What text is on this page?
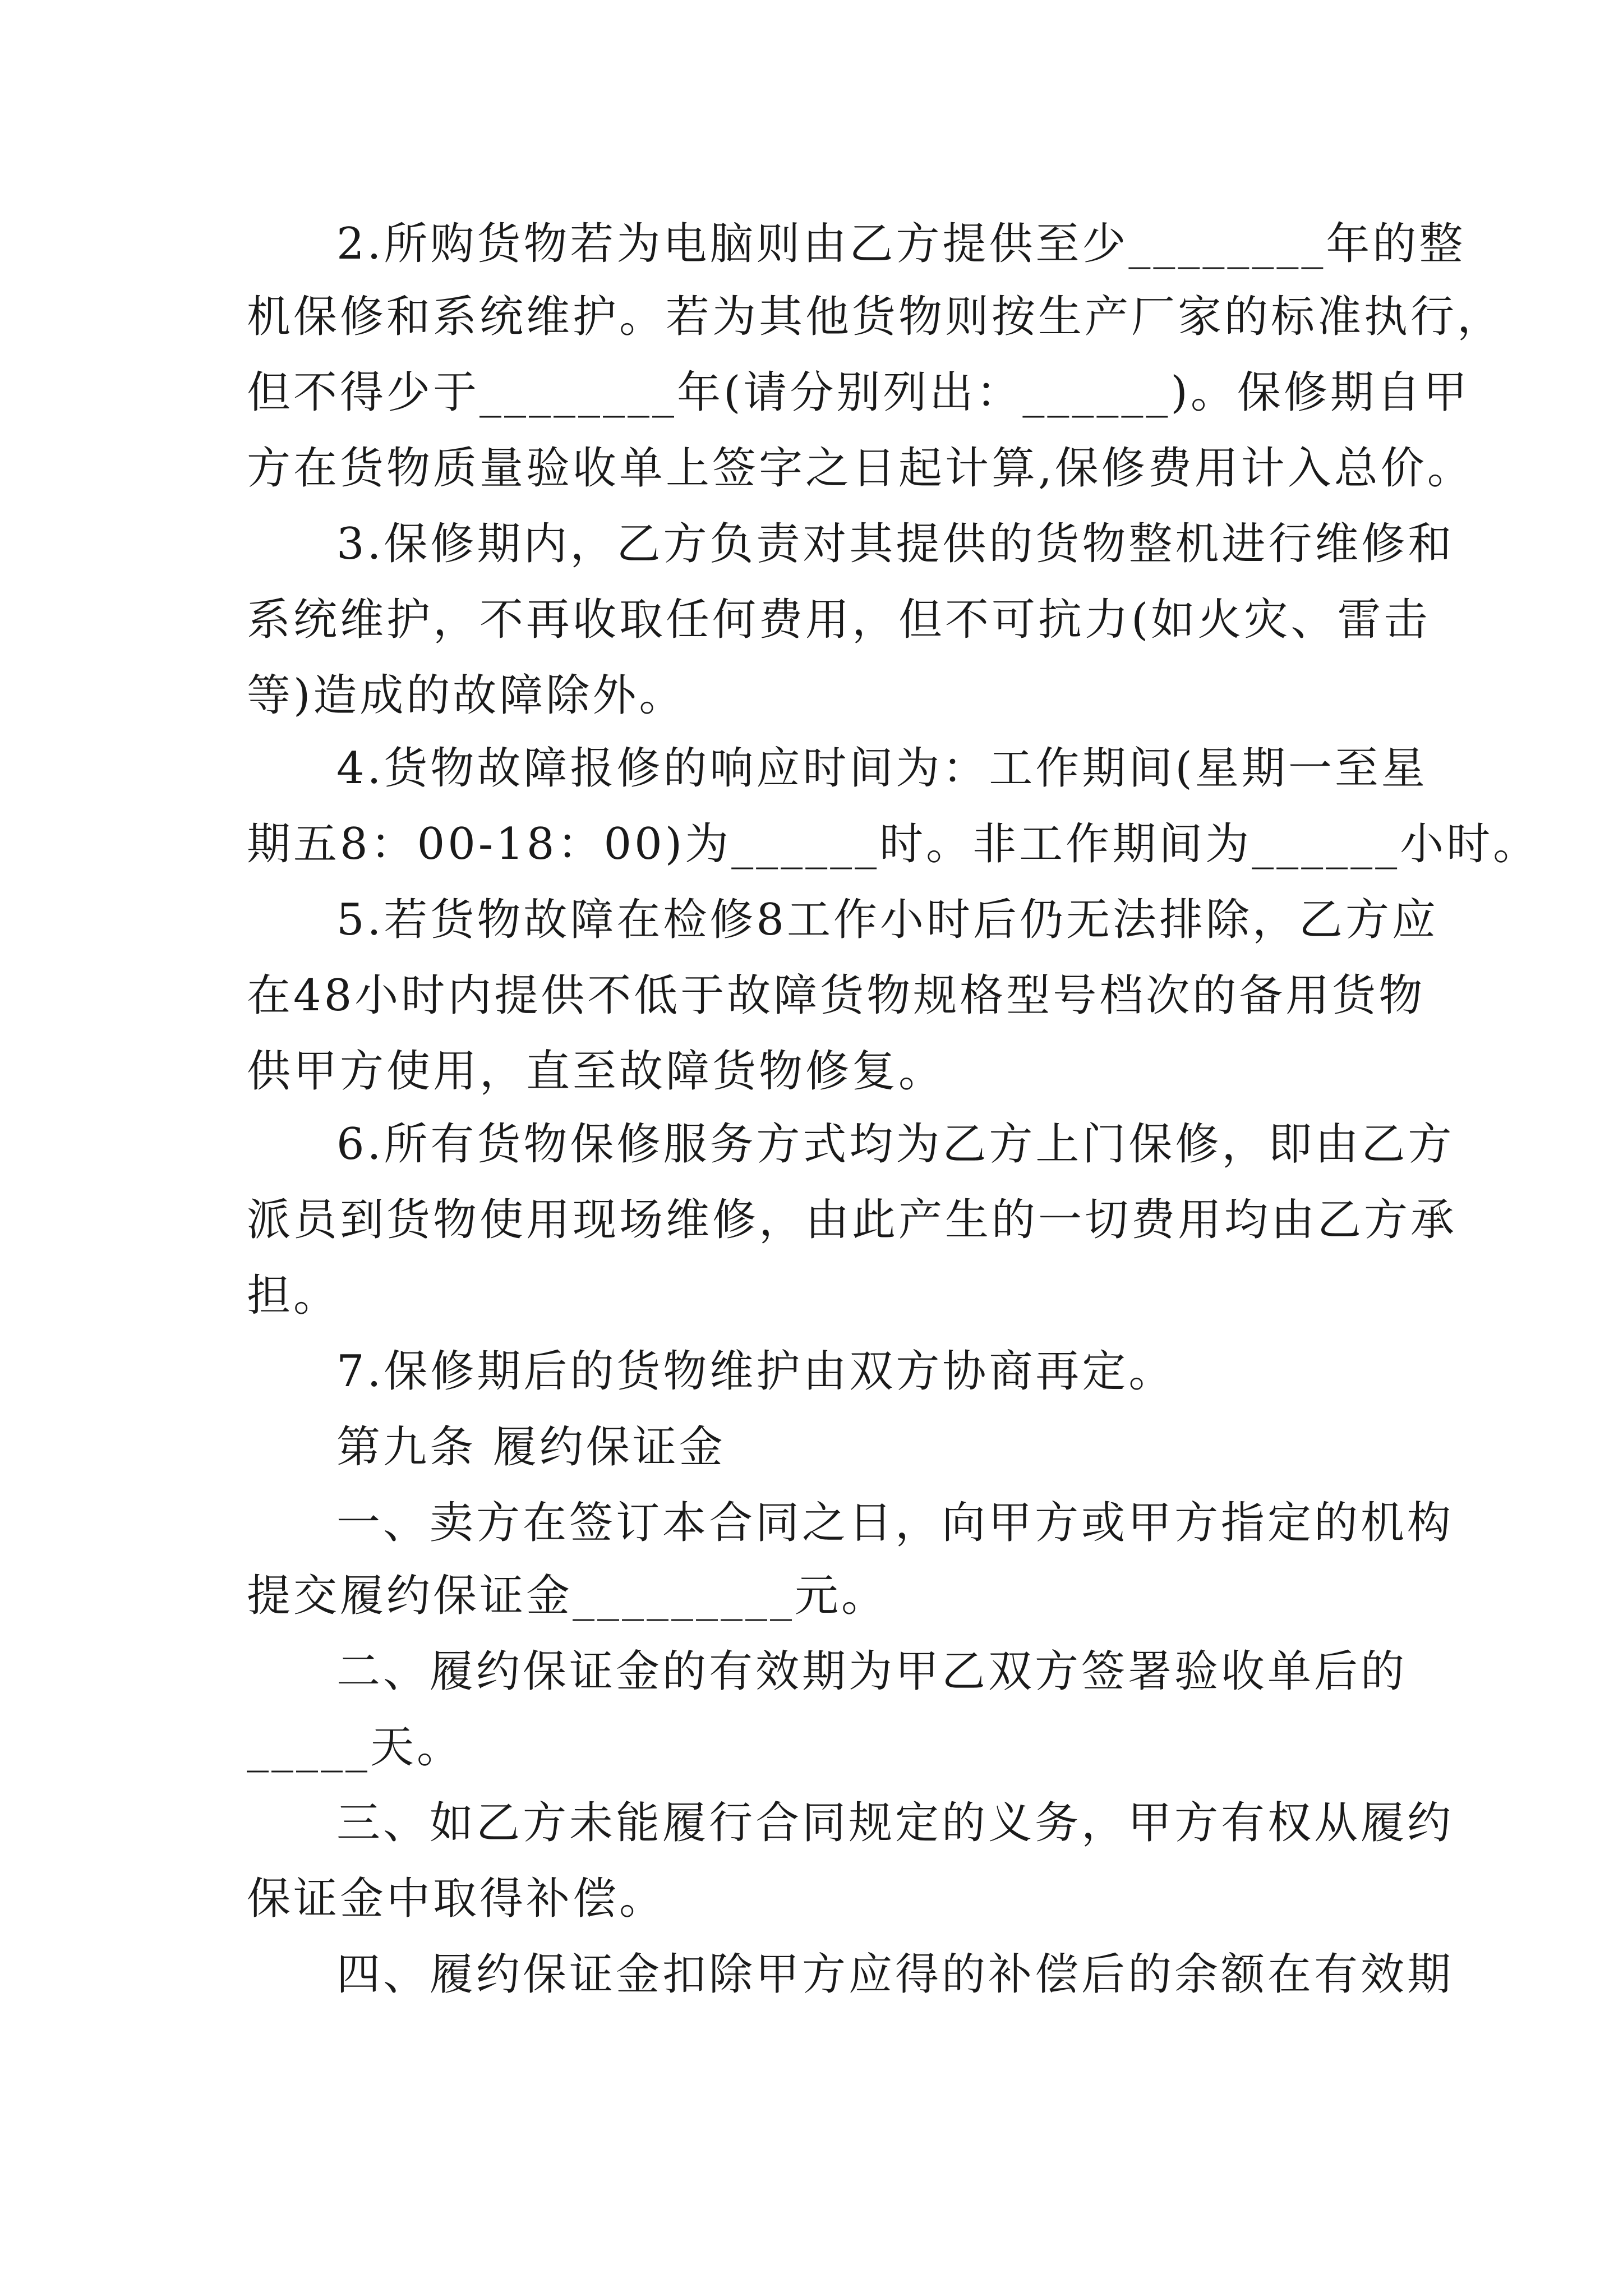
2.所购货物若为电脑则由乙方提供至少________年的整
机保修和系统维护。若为其他货物则按生产厂家的标准执行，
但不得少于________年(请分别列出：______)。保修期自甲
方在货物质量验收单上签字之日起计算,保修费用计入总价。
3.保修期内，乙方负责对其提供的货物整机进行维修和
系统维护，不再收取任何费用，但不可抗力(如火灾、雷击
等)造成的故障除外。
4.货物故障报修的响应时间为：工作期间(星期一至星
期五8：00-18：00)为______时。非工作期间为______小时。
5.若货物故障在检修8工作小时后仍无法排除，乙方应
在48小时内提供不低于故障货物规格型号档次的备用货物
供甲方使用，直至故障货物修复。
6.所有货物保修服务方式均为乙方上门保修，即由乙方
派员到货物使用现场维修，由此产生的一切费用均由乙方承
担。
7.保修期后的货物维护由双方协商再定。
第九条 履约保证金
一、卖方在签订本合同之日，向甲方或甲方指定的机构
提交履约保证金_________元。
二、履约保证金的有效期为甲乙双方签署验收单后的
_____天。
三、如乙方未能履行合同规定的义务，甲方有权从履约
保证金中取得补偿。
四、履约保证金扣除甲方应得的补偿后的余额在有效期
